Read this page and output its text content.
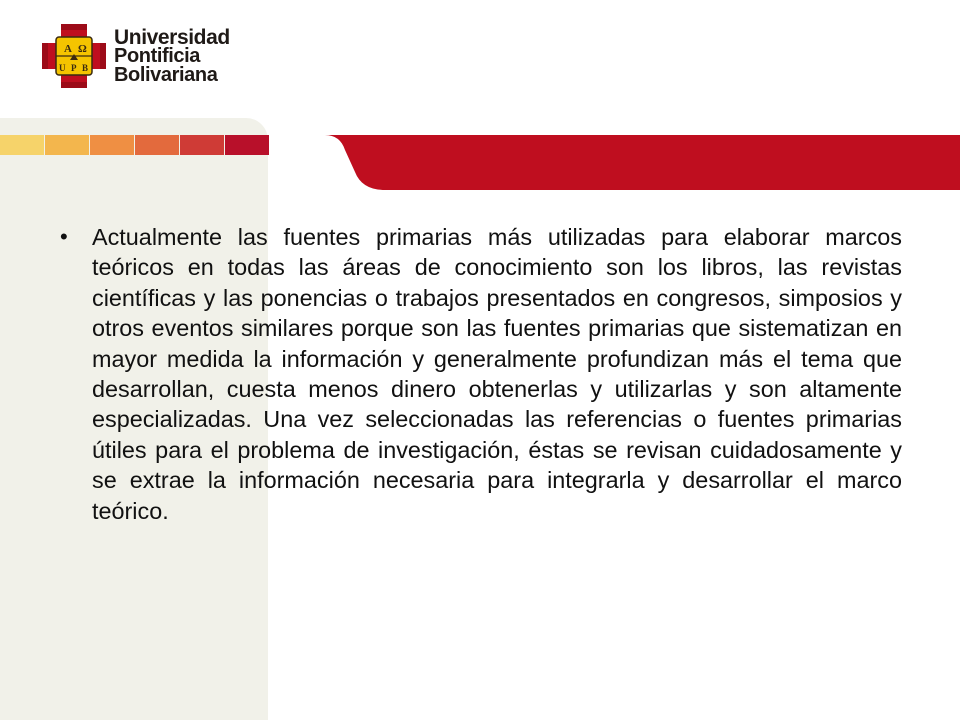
A Ω
U P B
Universidad
Pontificia
Bolivariana
•	Actualmente las fuentes primarias más utilizadas para elaborar marcos teóricos en todas las áreas de conocimiento son los libros, las revistas científicas y las ponencias o trabajos presentados en congresos, simposios y otros eventos similares porque son las fuentes primarias que sistematizan en mayor medida la información y generalmente profundizan más el tema que desarrollan, cuesta menos dinero obtenerlas y utilizarlas y son altamente especializadas. Una vez seleccionadas las referencias o fuentes primarias útiles para el problema de investigación, éstas se revisan cuidadosamente y se extrae la información necesaria para integrarla y desarrollar el marco teórico.
